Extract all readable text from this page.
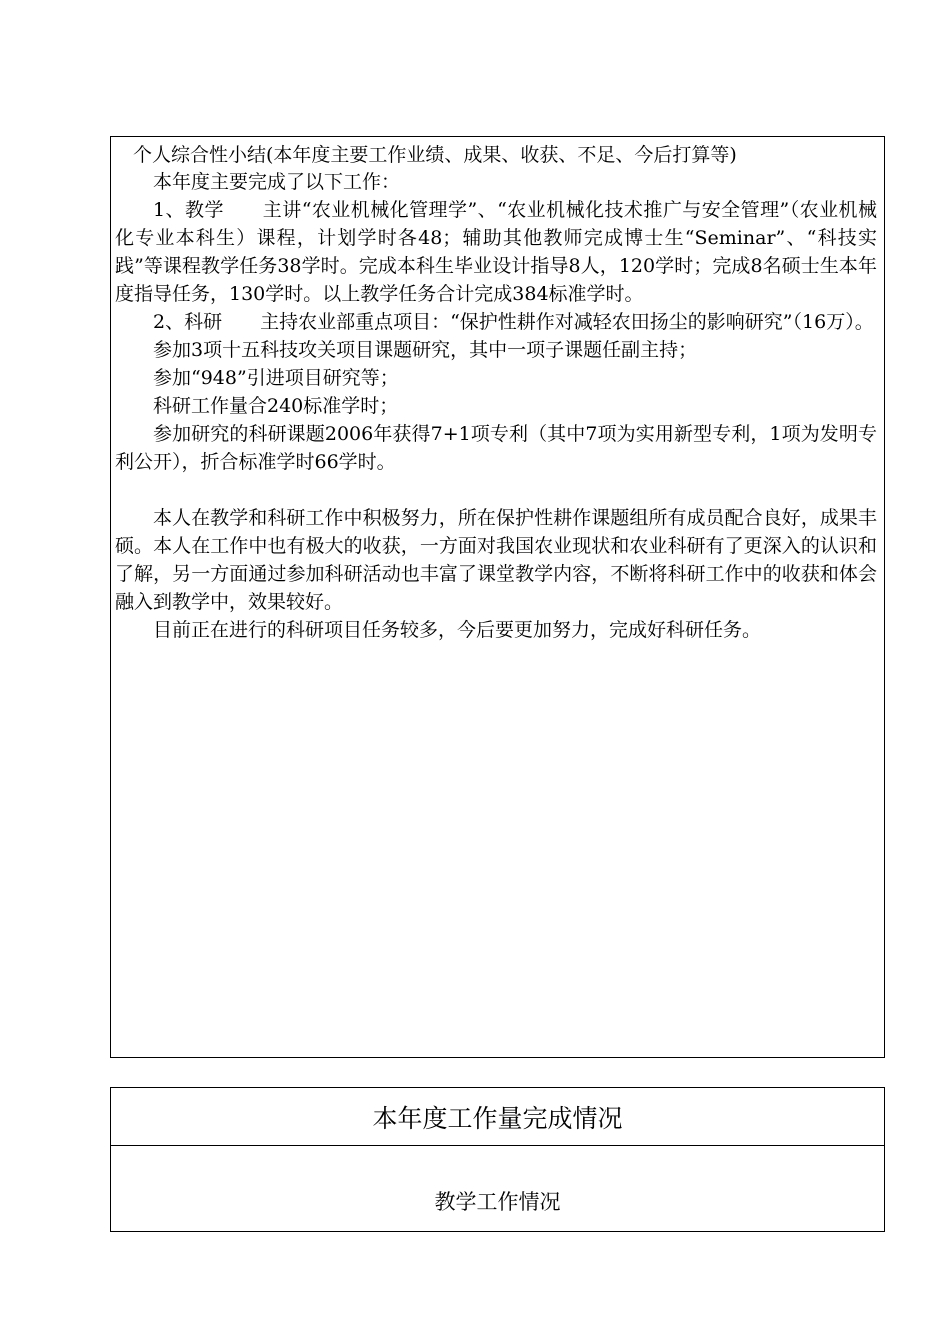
个人综合性小结(本年度主要工作业绩、成果、收获、不足、今后打算等)

本年度主要完成了以下工作：

1、教学　　主讲“农业机械化管理学”、“农业机械化技术推广与安全管理”（农业机械化专业本科生）课程，计划学时各48；辅助其他教师完成博士生“Seminar”、“科技实践”等课程教学任务38学时。完成本科生毕业设计指导8人，120学时；完成8名硕士生本年度指导任务，130学时。以上教学任务合计完成384标准学时。

2、科研　　主持农业部重点项目：“保护性耕作对减轻农田扬尘的影响研究”（16万）。

参加3项十五科技攻关项目课题研究，其中一项子课题任副主持；

参加“948”引进项目研究等；

科研工作量合240标准学时；

参加研究的科研课题2006年获得7+1项专利（其中7项为实用新型专利，1项为发明专利公开），折合标准学时66学时。

本人在教学和科研工作中积极努力，所在保护性耕作课题组所有成员配合良好，成果丰硕。本人在工作中也有极大的收获，一方面对我国农业现状和农业科研有了更深入的认识和了解，另一方面通过参加科研活动也丰富了课堂教学内容，不断将科研工作中的收获和体会融入到教学中，效果较好。

目前正在进行的科研项目任务较多，今后要更加努力，完成好科研任务。

本年度工作量完成情况
教学工作情况
